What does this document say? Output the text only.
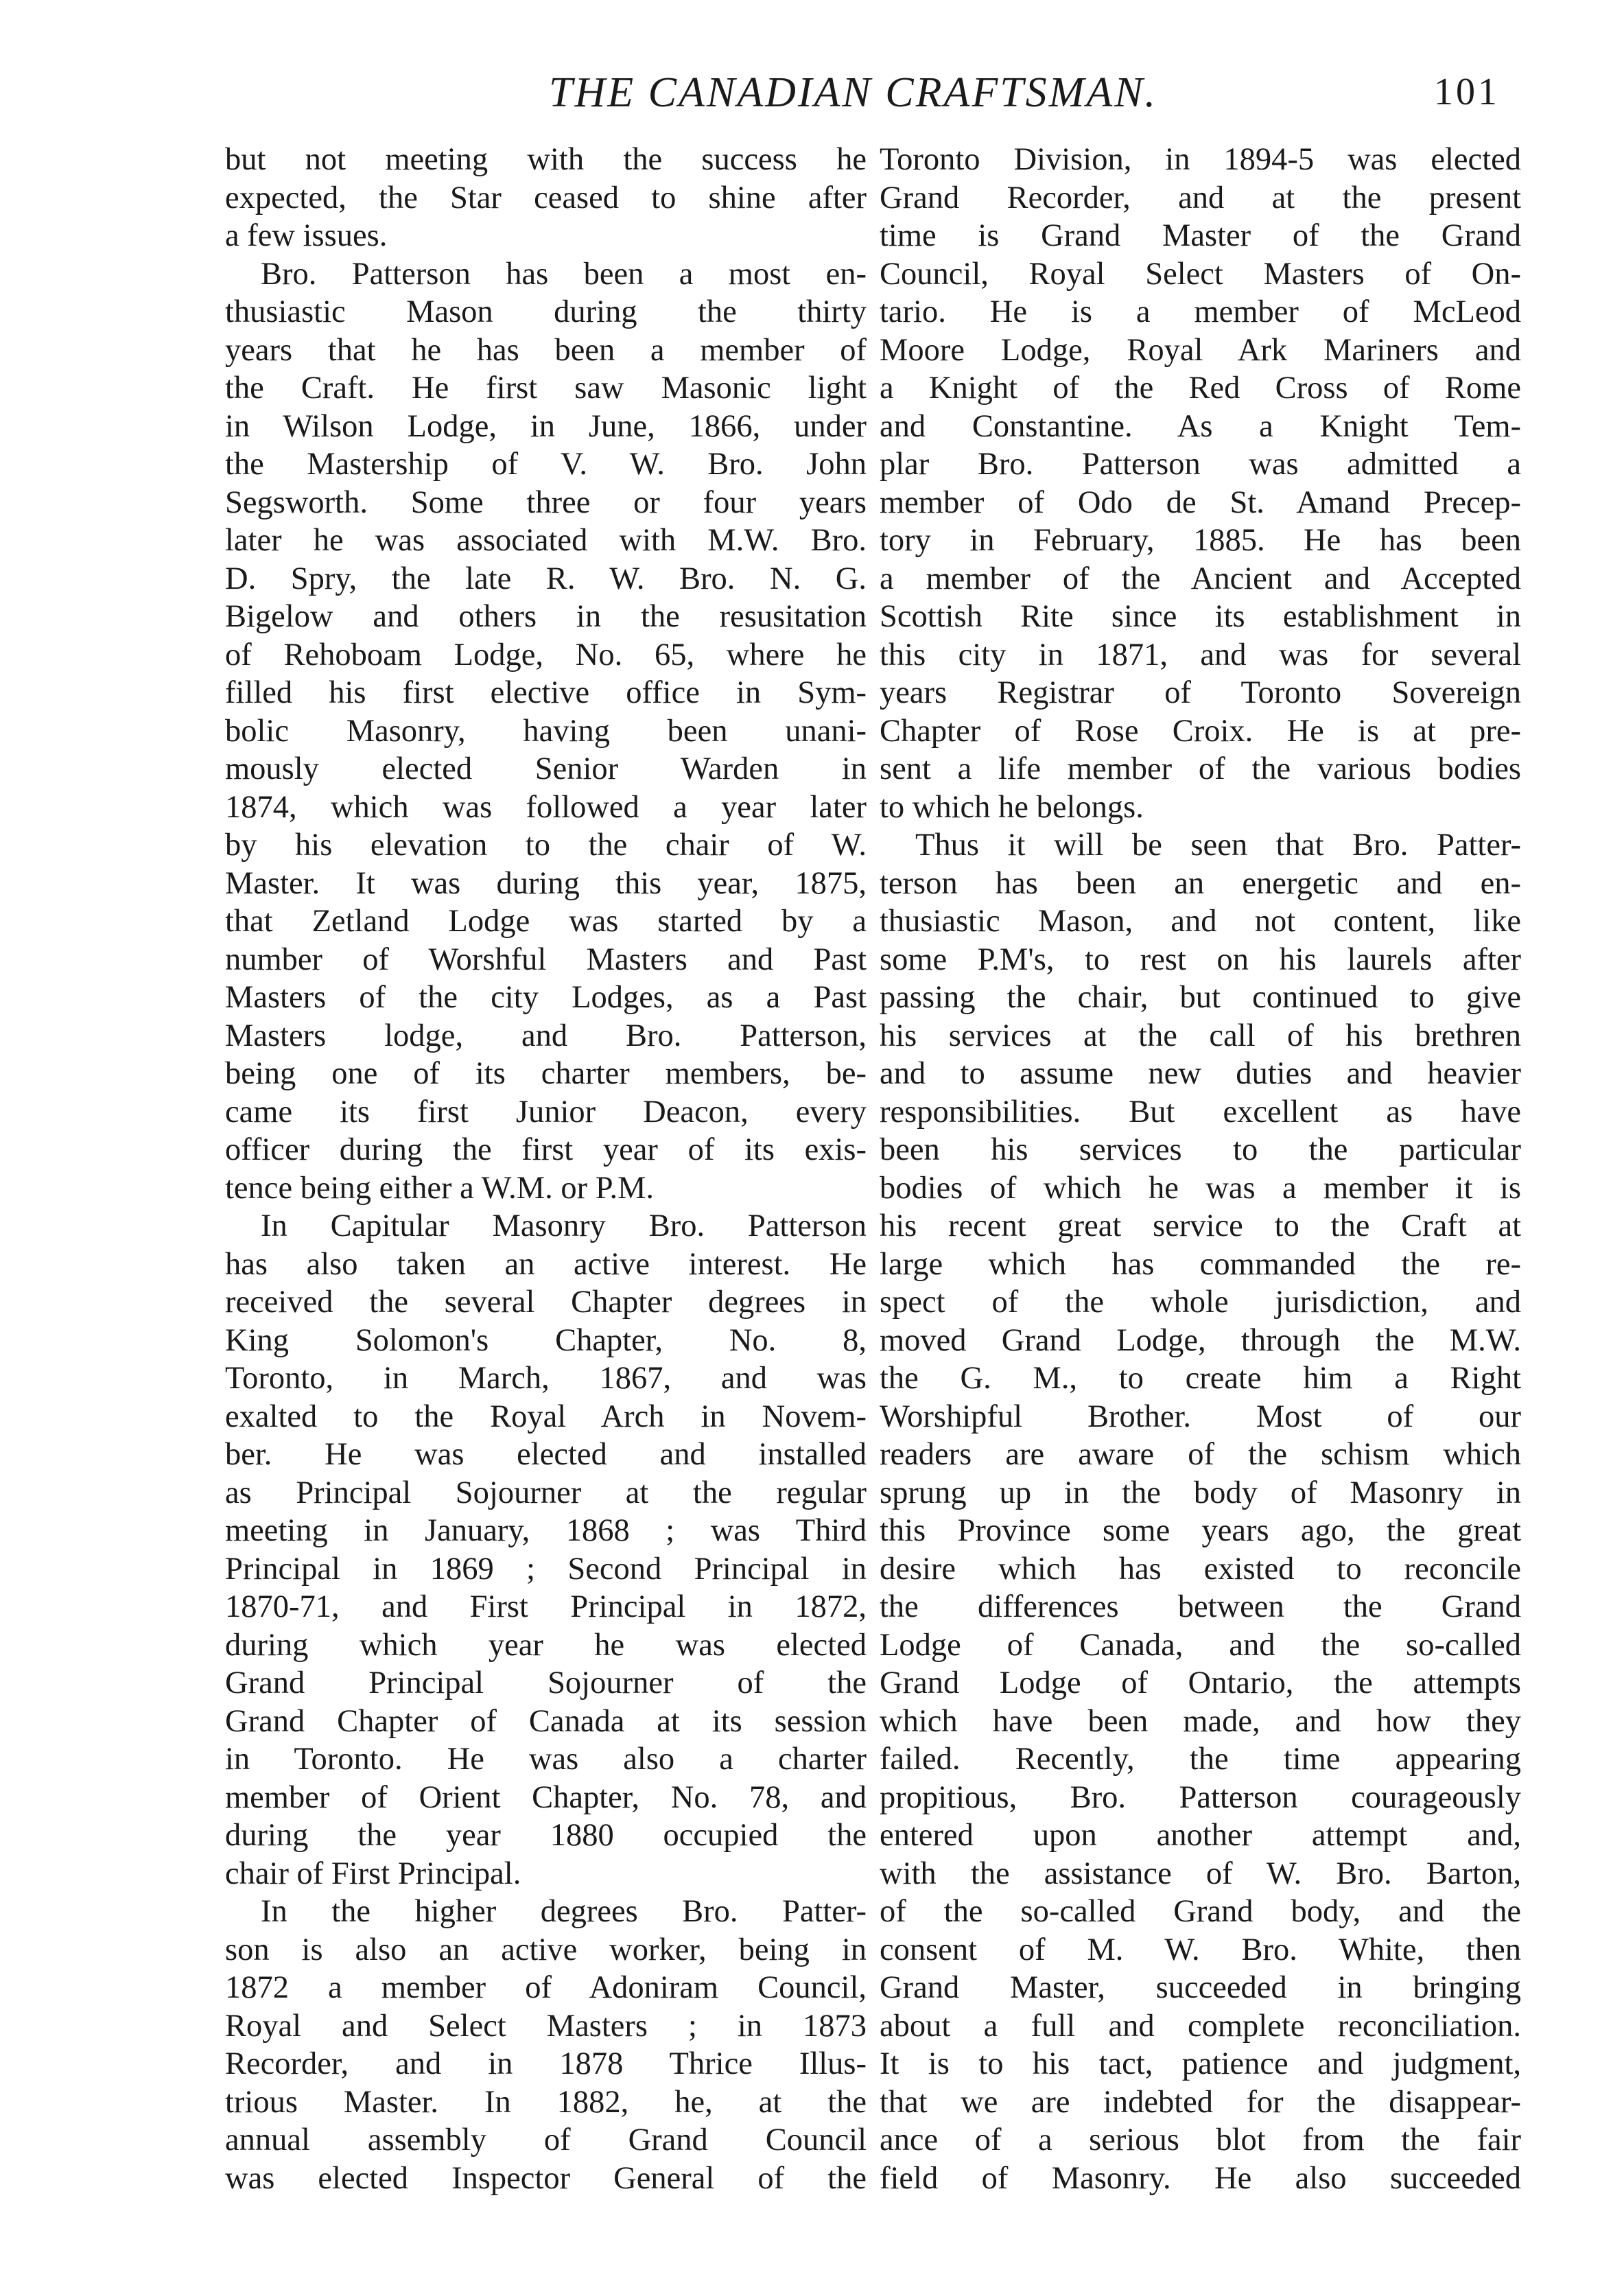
THE CANADIAN CRAFTSMAN.	101
but not meeting with the success he
expected, the Star ceased to shine after
a few issues.
Bro. Patterson has been a most en-
thusiastic Mason during the thirty
years that he has been a member of
the Craft. He first saw Masonic light
in Wilson Lodge, in June, 1866, under
the Mastership of V. W. Bro. John
Segsworth. Some three or four years
later he was associated with M.W. Bro.
D. Spry, the late R. W. Bro. N. G.
Bigelow and others in the resusitation
of Rehoboam Lodge, No. 65, where he
filled his first elective office in Sym-
bolic Masonry, having been unani-
mously elected Senior Warden in
1874, which was followed a year later
by his elevation to the chair of W.
Master. It was during this year, 1875,
that Zetland Lodge was started by a
number of Worshful Masters and Past
Masters of the city Lodges, as a Past
Masters lodge, and Bro. Patterson,
being one of its charter members, be-
came its first Junior Deacon, every
officer during the first year of its exis-
tence being either a W.M. or P.M.
In Capitular Masonry Bro. Patterson
has also taken an active interest. He
received the several Chapter degrees in
King Solomon's Chapter, No. 8,
Toronto, in March, 1867, and was
exalted to the Royal Arch in Novem-
ber. He was elected and installed
as Principal Sojourner at the regular
meeting in January, 1868 ; was Third
Principal in 1869 ; Second Principal in
1870-71, and First Principal in 1872,
during which year he was elected
Grand Principal Sojourner of the
Grand Chapter of Canada at its session
in Toronto. He was also a charter
member of Orient Chapter, No. 78, and
during the year 1880 occupied the
chair of First Principal.
In the higher degrees Bro. Patter-
son is also an active worker, being in
1872 a member of Adoniram Council,
Royal and Select Masters ; in 1873
Recorder, and in 1878 Thrice Illus-
trious Master. In 1882, he, at the
annual assembly of Grand Council
was elected Inspector General of the
Toronto Division, in 1894-5 was elected
Grand Recorder, and at the present
time is Grand Master of the Grand
Council, Royal Select Masters of On-
tario. He is a member of McLeod
Moore Lodge, Royal Ark Mariners and
a Knight of the Red Cross of Rome
and Constantine. As a Knight Tem-
plar Bro. Patterson was admitted a
member of Odo de St. Amand Precep-
tory in February, 1885. He has been
a member of the Ancient and Accepted
Scottish Rite since its establishment in
this city in 1871, and was for several
years Registrar of Toronto Sovereign
Chapter of Rose Croix. He is at pre-
sent a life member of the various bodies
to which he belongs.
Thus it will be seen that Bro. Patter-
terson has been an energetic and en-
thusiastic Mason, and not content, like
some P.M's, to rest on his laurels after
passing the chair, but continued to give
his services at the call of his brethren
and to assume new duties and heavier
responsibilities. But excellent as have
been his services to the particular
bodies of which he was a member it is
his recent great service to the Craft at
large which has commanded the re-
spect of the whole jurisdiction, and
moved Grand Lodge, through the M.W.
the G. M., to create him a Right
Worshipful Brother. Most of our
readers are aware of the schism which
sprung up in the body of Masonry in
this Province some years ago, the great
desire which has existed to reconcile
the differences between the Grand
Lodge of Canada, and the so-called
Grand Lodge of Ontario, the attempts
which have been made, and how they
failed. Recently, the time appearing
propitious, Bro. Patterson courageously
entered upon another attempt and,
with the assistance of W. Bro. Barton,
of the so-called Grand body, and the
consent of M. W. Bro. White, then
Grand Master, succeeded in bringing
about a full and complete reconciliation.
It is to his tact, patience and judgment,
that we are indebted for the disappear-
ance of a serious blot from the fair
field of Masonry. He also succeeded
